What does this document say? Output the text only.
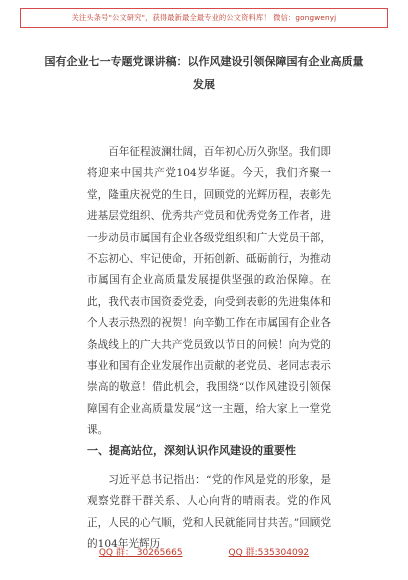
关注头条号"公文研究"，获得最新最全最专业的公文资料库！ 微信：gongwenyj
国有企业七一专题党课讲稿：以作风建设引领保障国有企业高质量发展
百年征程波澜壮阔，百年初心历久弥坚。我们即将迎来中国共产党104岁华诞。今天，我们齐聚一堂，隆重庆祝党的生日，回顾党的光辉历程，表彰先进基层党组织、优秀共产党员和优秀党务工作者，进一步动员市属国有企业各级党组织和广大党员干部，不忘初心、牢记使命，开拓创新、砥砺前行，为推动市属国有企业高质量发展提供坚强的政治保障。在此，我代表市国资委党委，向受到表彰的先进集体和个人表示热烈的祝贺！向辛勤工作在市属国有企业各条战线上的广大共产党员致以节日的问候！向为党的事业和国有企业发展作出贡献的老党员、老同志表示崇高的敬意！借此机会，我围绕“以作风建设引领保障国有企业高质量发展”这一主题，给大家上一堂党课。
一、提高站位，深刻认识作风建设的重要性
习近平总书记指出：“党的作风是党的形象，是观察党群干群关系、人心向背的晴雨表。党的作风正，人民的心气顺，党和人民就能同甘共苦。”回顾党的104年光辉历
QQ 群： 30265665	QQ 群:535304092
